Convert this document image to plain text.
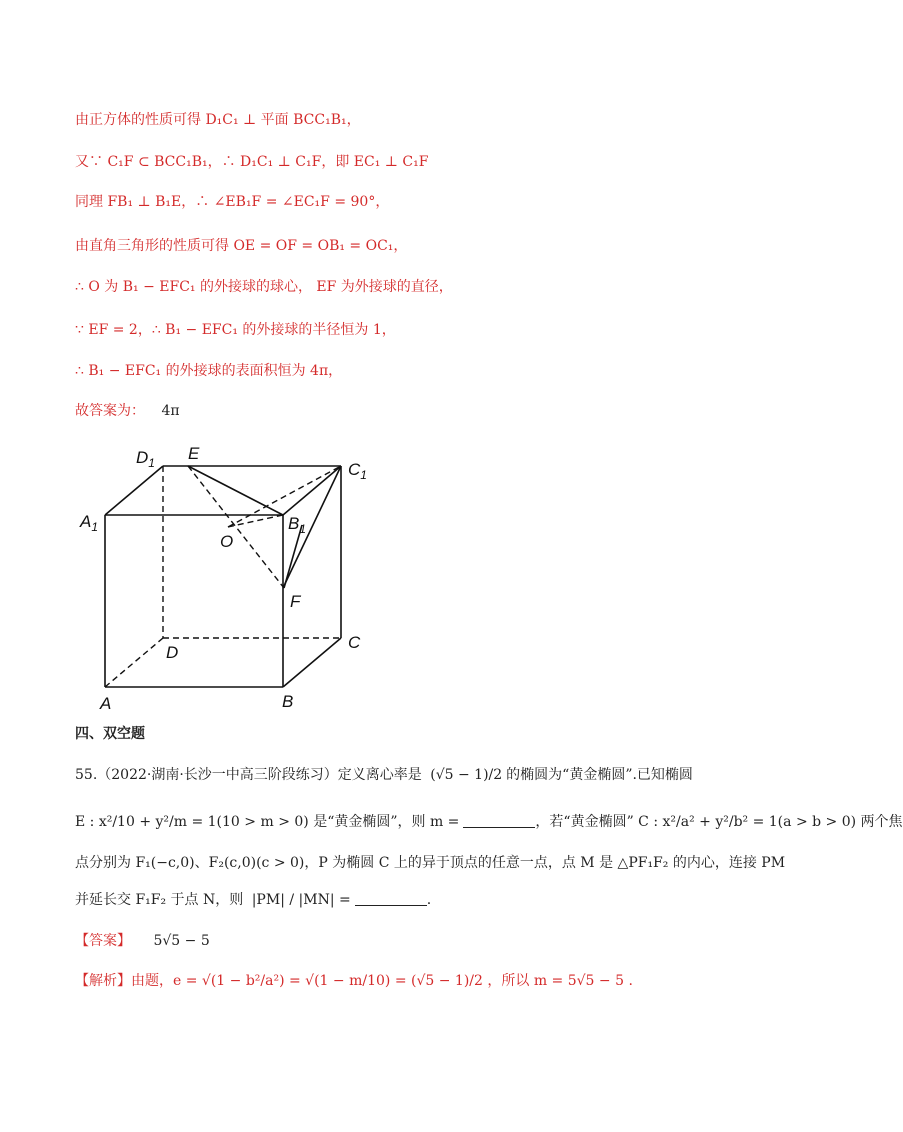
由正方体的性质可得 D₁C₁ ⊥ 平面 BCC₁B₁，
又∵ C₁F ⊂ BCC₁B₁，∴ D₁C₁ ⊥ C₁F，即 EC₁ ⊥ C₁F
同理 FB₁ ⊥ B₁E，∴ ∠EB₁F = ∠EC₁F = 90°，
由直角三角形的性质可得 OE = OF = OB₁ = OC₁，
∴ O 为 B₁ − EFC₁ 的外接球的球心， EF 为外接球的直径，
∵ EF = 2，∴ B₁ − EFC₁ 的外接球的半径恒为 1，
∴ B₁ − EFC₁ 的外接球的表面积恒为 4π，
故答案为： 4π
$D_1$ E
$C_1$
$A_1$	$B_1$
O
F
C
D
A	B
四、双空题
55.（2022·湖南·长沙一中高三阶段练习）定义离心率是 (√5 − 1)/2 的椭圆为“黄金椭圆”.已知椭圆
E : x²/10 + y²/m = 1(10 > m > 0) 是“黄金椭圆”，则 m =	，若“黄金椭圆” C : x²/a² + y²/b² = 1(a > b > 0) 两个焦
点分别为 F₁(−c,0)、F₂(c,0)(c > 0)，P 为椭圆 C 上的异于顶点的任意一点，点 M 是 △PF₁F₂ 的内心，连接 PM
并延长交 F₁F₂ 于点 N，则 |PM| / |MN| =	.
【答案】 5√5 − 5
【解析】由题，e = √(1 − b²/a²) = √(1 − m/10) = (√5 − 1)/2 ，所以 m = 5√5 − 5 .
